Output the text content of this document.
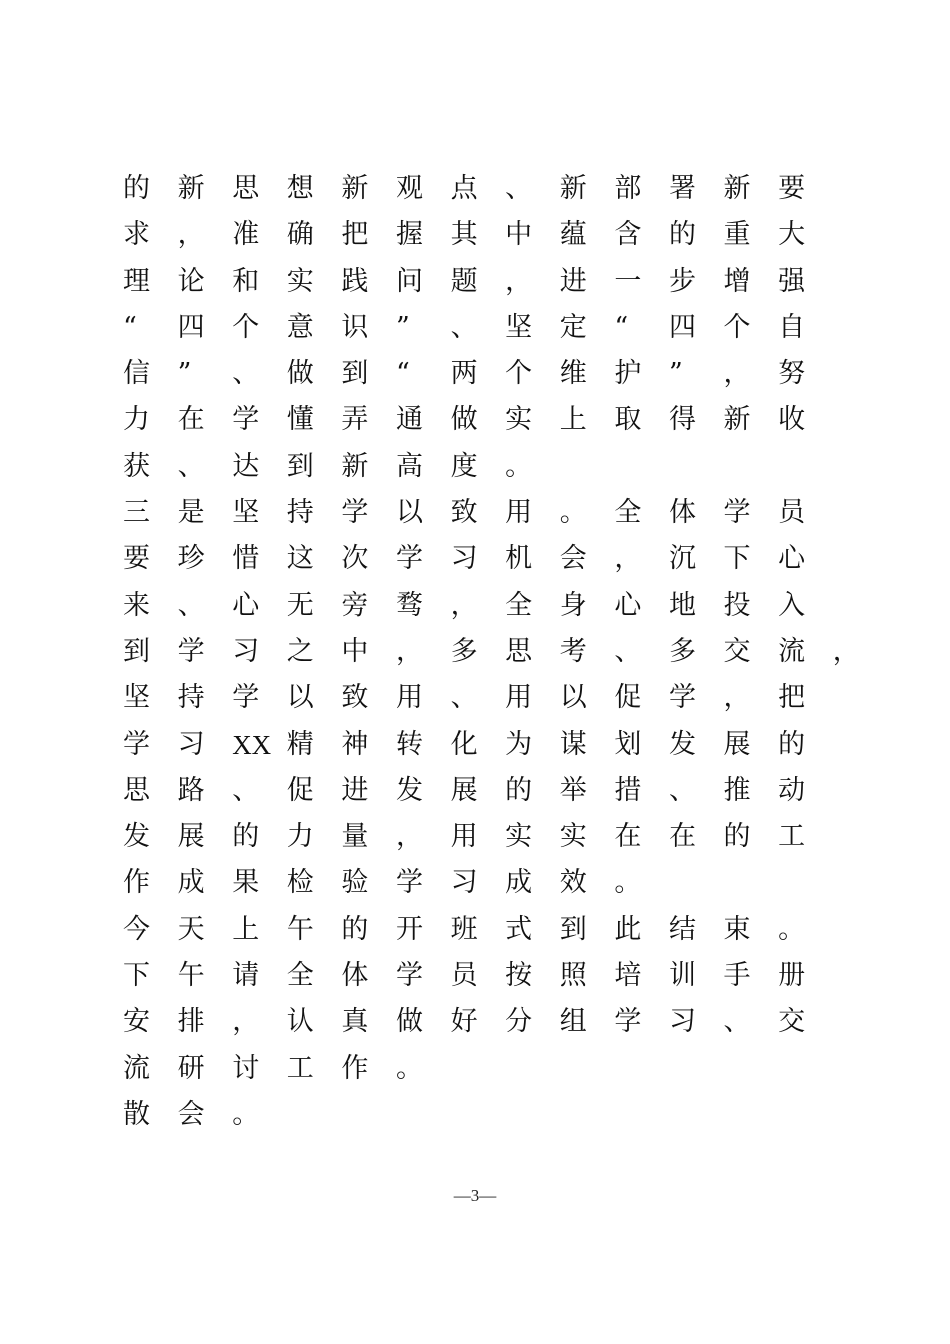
的 新 思 想 新 观 点 、 新 部 署 新 要
求 ， 准 确 把 握 其 中 蕴 含 的 重 大
理 论 和 实 践 问 题 ， 进 一 步 增 强
“	四 个 意 识 ”	、 坚 定 “	四 个 自
信 ”	、 做 到 “	两 个 维 护 ”	， 努
力 在 学 懂 弄 通 做 实 上 取 得 新 收
获 、 达 到 新 高 度 。
三 是 坚 持 学 以 致 用 。 全 体 学 员
要 珍 惜 这 次 学 习 机 会 ， 沉 下 心
来 、 心 无 旁 骛 ， 全 身 心 地 投 入
到 学 习 之 中 ， 多 思 考 、 多 交 流 ，
坚 持 学 以 致 用 、 用 以 促 学 ， 把
学 习 XX 精 神 转 化 为 谋 划 发 展 的
思 路 、 促 进 发 展 的 举 措 、 推 动
发 展 的 力 量 ， 用 实 实 在 在 的 工
作 成 果 检 验 学 习 成 效 。
今 天 上 午 的 开 班 式 到 此 结 束 。
下 午 请 全 体 学 员 按 照 培 训 手 册
安 排 ， 认 真 做 好 分 组 学 习 、 交
流 研 讨 工 作 。
散 会 。
—3—
